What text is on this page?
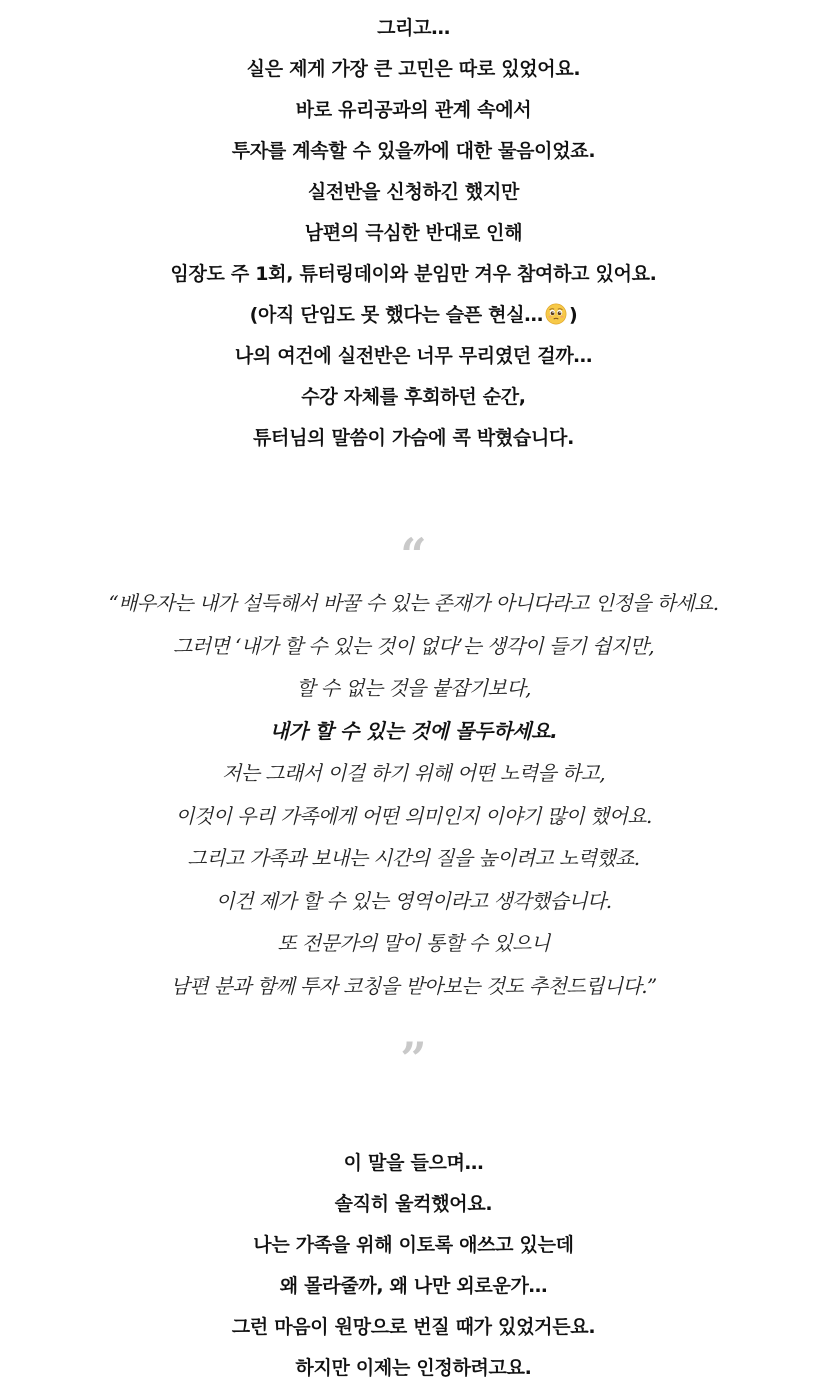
그리고…
실은 제게 가장 큰 고민은 따로 있었어요.
바로 유리공과의 관계 속에서
투자를 계속할 수 있을까에 대한 물음이었죠.
실전반을 신청하긴 했지만
남편의 극심한 반대로 인해
임장도 주 1회, 튜터링데이와 분임만 겨우 참여하고 있어요.
(아직 단임도 못 했다는 슬픈 현실… )
나의 여건에 실전반은 너무 무리였던 걸까…
수강 자체를 후회하던 순간,
튜터님의 말씀이 가슴에 콕 박혔습니다.
“
“배우자는 내가 설득해서 바꿀 수 있는 존재가 아니다라고 인정을 하세요.
그러면 ‘내가 할 수 있는 것이 없다’는 생각이 들기 쉽지만,
할 수 없는 것을 붙잡기보다,
내가 할 수 있는 것에 몰두하세요.
저는 그래서 이걸 하기 위해 어떤 노력을 하고,
이것이 우리 가족에게 어떤 의미인지 이야기 많이 했어요.
그리고 가족과 보내는 시간의 질을 높이려고 노력했죠.
이건 제가 할 수 있는 영역이라고 생각했습니다.
또 전문가의 말이 통할 수 있으니
남편 분과 함께 투자 코칭을 받아보는 것도 추천드립니다.”
”
이 말을 들으며…
솔직히 울컥했어요.
나는 가족을 위해 이토록 애쓰고 있는데
왜 몰라줄까, 왜 나만 외로운가…
그런 마음이 원망으로 번질 때가 있었거든요.
하지만 이제는 인정하려고요.
